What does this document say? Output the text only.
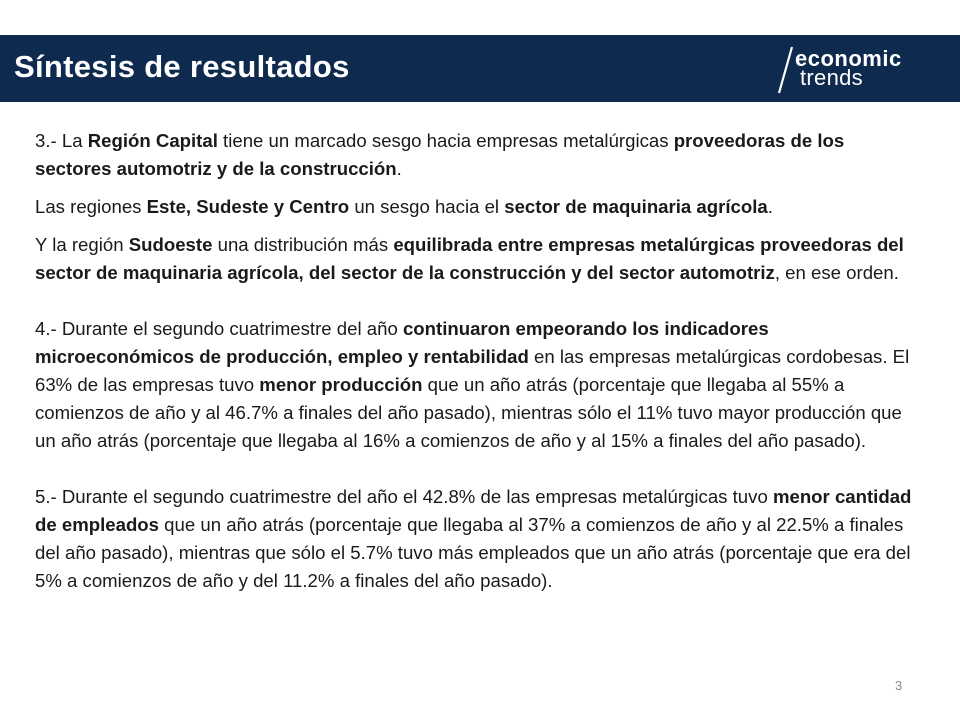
Síntesis de resultados	economic
trends

3.- La Región Capital tiene un marcado sesgo hacia empresas metalúrgicas proveedoras de los sectores automotriz y de la construcción.

Las regiones Este, Sudeste y Centro un sesgo hacia el sector de maquinaria agrícola.

Y la región Sudoeste una distribución más equilibrada entre empresas metalúrgicas proveedoras del sector de maquinaria agrícola, del sector de la construcción y del sector automotriz, en ese orden.

4.- Durante el segundo cuatrimestre del año continuaron empeorando los indicadores microeconómicos de producción, empleo y rentabilidad en las empresas metalúrgicas cordobesas. El 63% de las empresas tuvo menor producción que un año atrás (porcentaje que llegaba al 55% a comienzos de año y al 46.7% a finales del año pasado), mientras sólo el 11% tuvo mayor producción que un año atrás (porcentaje que llegaba al 16% a comienzos de año y al 15% a finales del año pasado).

5.- Durante el segundo cuatrimestre del año el 42.8% de las empresas metalúrgicas tuvo menor cantidad de empleados que un año atrás (porcentaje que llegaba al 37% a comienzos de año y al 22.5% a finales del año pasado), mientras que sólo el 5.7% tuvo más empleados que un año atrás (porcentaje que era del 5% a comienzos de año y del 11.2% a finales del año pasado).

3
